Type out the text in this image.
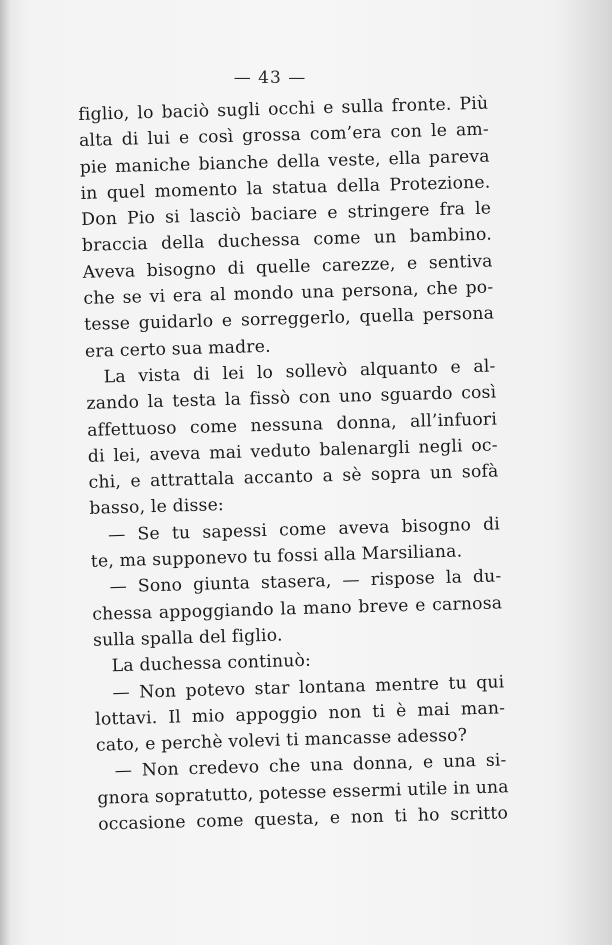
— 43 —
figlio, lo baciò sugli occhi e sulla fronte. Più
alta di lui e così grossa com’era con le am-
pie maniche bianche della veste, ella pareva
in quel momento la statua della Protezione.
Don Pio si lasciò baciare e stringere fra le
braccia della duchessa come un bambino.
Aveva bisogno di quelle carezze, e sentiva
che se vi era al mondo una persona, che po-
tesse guidarlo e sorreggerlo, quella persona
era certo sua madre.
La vista di lei lo sollevò alquanto e al-
zando la testa la fissò con uno sguardo così
affettuoso come nessuna donna, all’infuori
di lei, aveva mai veduto balenargli negli oc-
chi, e attrattala accanto a sè sopra un sofà
basso, le disse:
— Se tu sapessi come aveva bisogno di
te, ma supponevo tu fossi alla Marsiliana.
— Sono giunta stasera, — rispose la du-
chessa appoggiando la mano breve e carnosa
sulla spalla del figlio.
La duchessa continuò:
— Non potevo star lontana mentre tu qui
lottavi. Il mio appoggio non ti è mai man-
cato, e perchè volevi ti mancasse adesso?
— Non credevo che una donna, e una si-
gnora sopratutto, potesse essermi utile in una
occasione come questa, e non ti ho scritto
